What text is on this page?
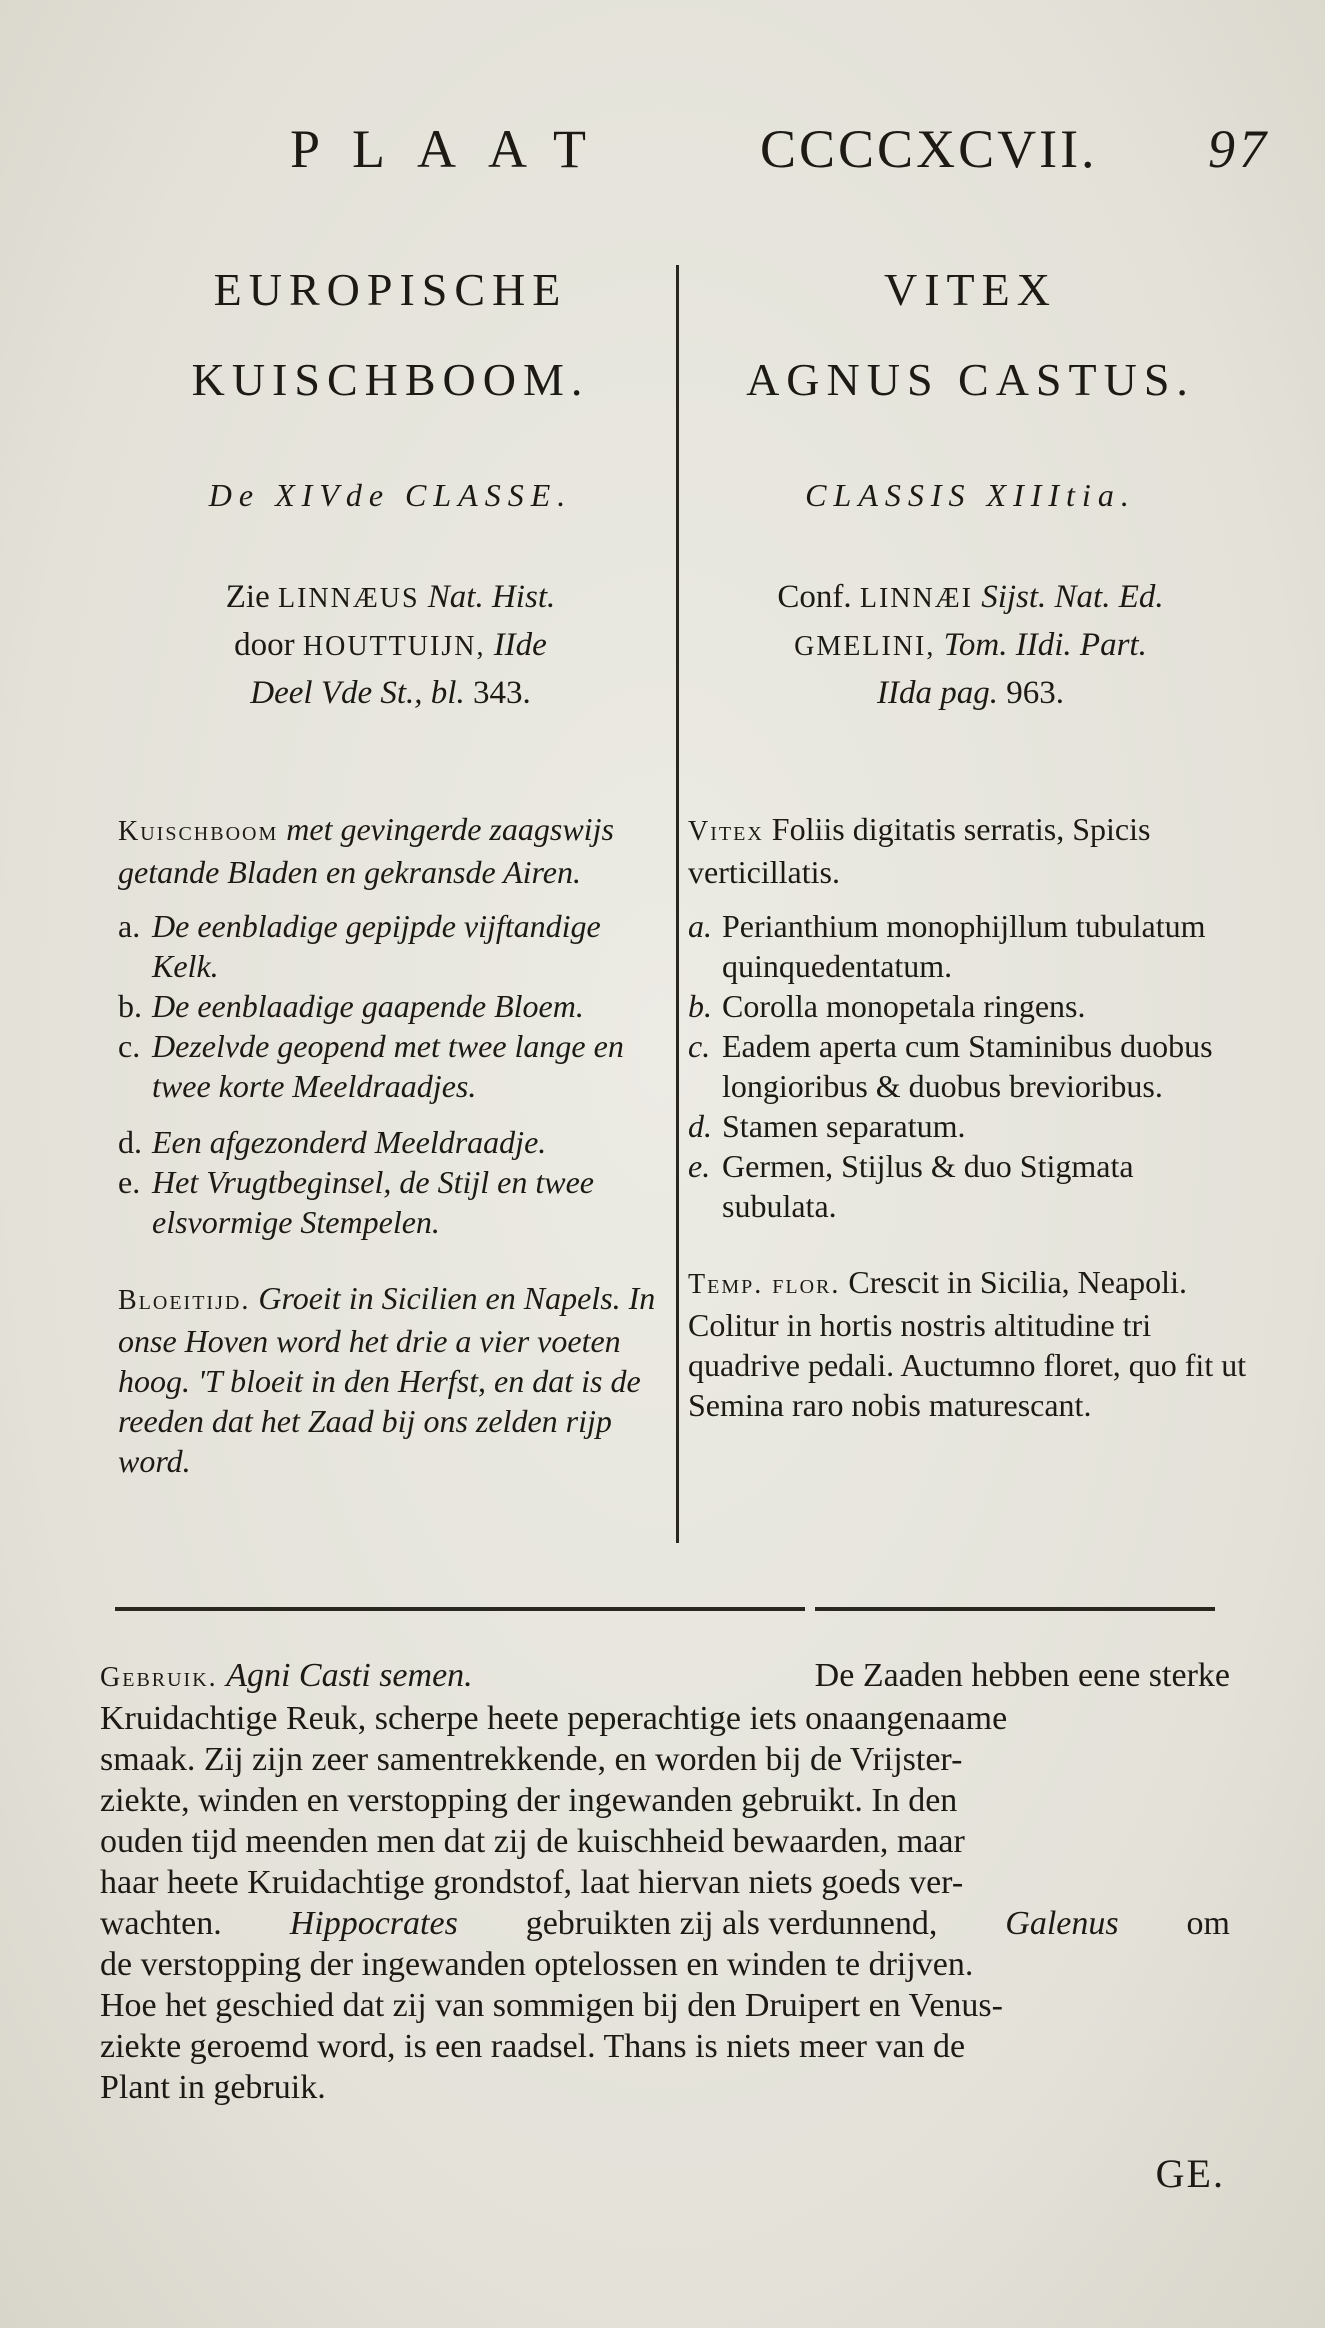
PLAAT	CCCCXCVII. 97
EUROPISCHE
KUISCHBOOM.
De XIVde CLASSE.
Zie LINNÆUS Nat. Hist.
door HOUTTUIJN, IIde
Deel Vde St., bl. 343.
Kuischboom met gevingerde zaagswijs getande Bladen en gekransde Airen.
a. De eenbladige gepijpde vijftandige Kelk.
b. De eenblaadige gaapende Bloem.
c. Dezelvde geopend met twee lange en twee korte Meeldraadjes.
d. Een afgezonderd Meeldraadje.
e. Het Vrugtbeginsel, de Stijl en twee elsvormige Stempelen.
Bloeitijd. Groeit in Sicilien en Napels. In onse Hoven word het drie a vier voeten hoog. 'T bloeit in den Herfst, en dat is de reeden dat het Zaad bij ons zelden rijp word.
VITEX
AGNUS CASTUS.
CLASSIS XIIItia.
Conf. LINNÆI Sijst. Nat. Ed.
GMELINI, Tom. IIdi. Part.
IIda pag. 963.
Vitex Foliis digitatis serratis, Spicis verticillatis.
a. Perianthium monophijllum tubulatum quinquedentatum.
b. Corolla monopetala ringens.
c. Eadem aperta cum Staminibus duobus longioribus & duobus brevioribus.
d. Stamen separatum.
e. Germen, Stijlus & duo Stigmata subulata.
Temp. flor. Crescit in Sicilia, Neapoli. Colitur in hortis nostris altitudine tri quadrive pedali. Auctumno floret, quo fit ut Semina raro nobis maturescant.
Gebruik. Agni Casti semen.	De Zaaden hebben eene sterke
Kruidachtige Reuk, scherpe heete peperachtige iets onaangenaame
smaak. Zij zijn zeer samentrekkende, en worden bij de Vrijster-
ziekte, winden en verstopping der ingewanden gebruikt. In den
ouden tijd meenden men dat zij de kuischheid bewaarden, maar
haar heete Kruidachtige grondstof, laat hiervan niets goeds ver-
wachten. Hippocrates gebruikten zij als verdunnend, Galenus om
de verstopping der ingewanden optelossen en winden te drijven.
Hoe het geschied dat zij van sommigen bij den Druipert en Venus-
ziekte geroemd word, is een raadsel. Thans is niets meer van de
Plant in gebruik.
GE.
